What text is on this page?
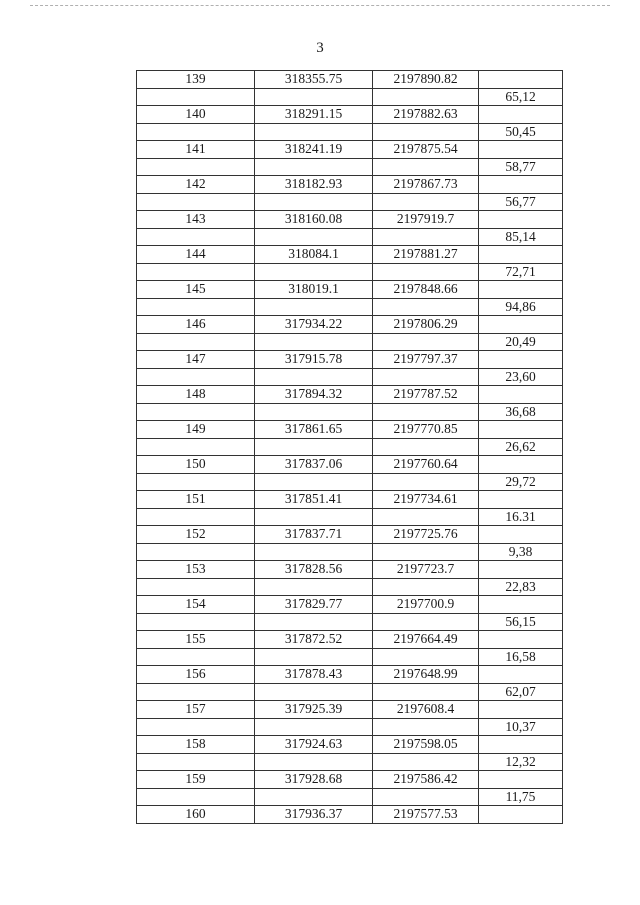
3
139	318355.75	2197890.82	
			65,12
140	318291.15	2197882.63	
			50,45
141	318241.19	2197875.54	
			58,77
142	318182.93	2197867.73	
			56,77
143	318160.08	2197919.7	
			85,14
144	318084.1	2197881.27	
			72,71
145	318019.1	2197848.66	
			94,86
146	317934.22	2197806.29	
			20,49
147	317915.78	2197797.37	
			23,60
148	317894.32	2197787.52	
			36,68
149	317861.65	2197770.85	
			26,62
150	317837.06	2197760.64	
			29,72
151	317851.41	2197734.61	
			16.31
152	317837.71	2197725.76	
			9,38
153	317828.56	2197723.7	
			22,83
154	317829.77	2197700.9	
			56,15
155	317872.52	2197664.49	
			16,58
156	317878.43	2197648.99	
			62,07
157	317925.39	2197608.4	
			10,37
158	317924.63	2197598.05	
			12,32
159	317928.68	2197586.42	
			11,75
160	317936.37	2197577.53	
